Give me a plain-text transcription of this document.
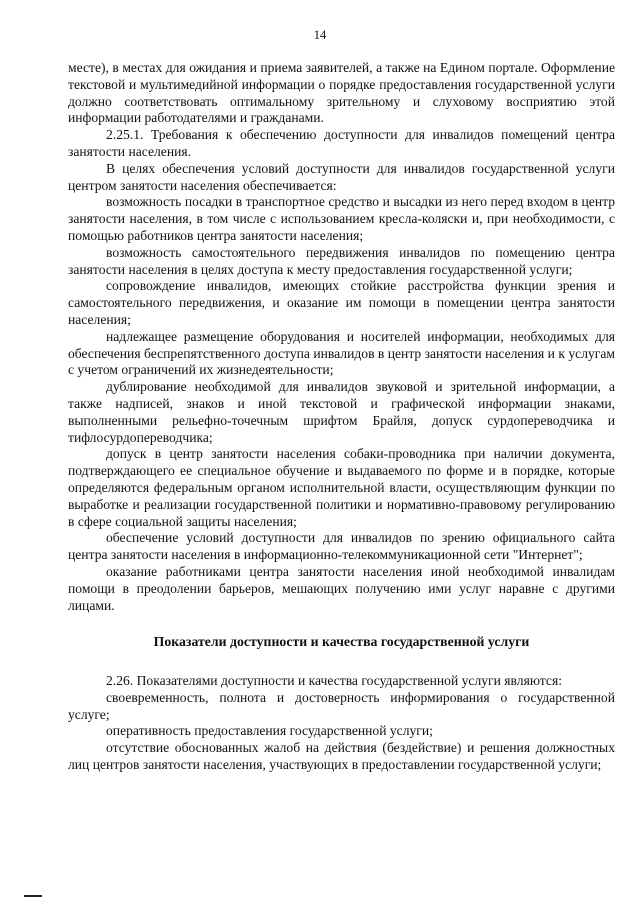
14

месте), в местах для ожидания и приема заявителей, а также на Едином портале. Оформление текстовой и мультимедийной информации о порядке предоставления государственной услуги должно соответствовать оптимальному зрительному и слуховому восприятию этой информации работодателями и гражданами.

2.25.1. Требования к обеспечению доступности для инвалидов помещений центра занятости населения.

В целях обеспечения условий доступности для инвалидов государственной услуги центром занятости населения обеспечивается:

возможность посадки в транспортное средство и высадки из него перед входом в центр занятости населения, в том числе с использованием кресла-коляски и, при необходимости, с помощью работников центра занятости населения;

возможность самостоятельного передвижения инвалидов по помещению центра занятости населения в целях доступа к месту предоставления государственной услуги;

сопровождение инвалидов, имеющих стойкие расстройства функции зрения и самостоятельного передвижения, и оказание им помощи в помещении центра занятости населения;

надлежащее размещение оборудования и носителей информации, необходимых для обеспечения беспрепятственного доступа инвалидов в центр занятости населения и к услугам с учетом ограничений их жизнедеятельности;

дублирование необходимой для инвалидов звуковой и зрительной информации, а также надписей, знаков и иной текстовой и графической информации знаками, выполненными рельефно-точечным шрифтом Брайля, допуск сурдопереводчика и тифлосурдопереводчика;

допуск в центр занятости населения собаки-проводника при наличии документа, подтверждающего ее специальное обучение и выдаваемого по форме и в порядке, которые определяются федеральным органом исполнительной власти, осуществляющим функции по выработке и реализации государственной политики и нормативно-правовому регулированию в сфере социальной защиты населения;

обеспечение условий доступности для инвалидов по зрению официального сайта центра занятости населения в информационно-телекоммуникационной сети "Интернет";

оказание работниками центра занятости населения иной необходимой инвалидам помощи в преодолении барьеров, мешающих получению ими услуг наравне с другими лицами.

Показатели доступности и качества государственной услуги

2.26. Показателями доступности и качества государственной услуги являются:

своевременность, полнота и достоверность информирования о государственной услуге;

оперативность предоставления государственной услуги;

отсутствие обоснованных жалоб на действия (бездействие) и решения должностных лиц центров занятости населения, участвующих в предоставлении государственной услуги;
